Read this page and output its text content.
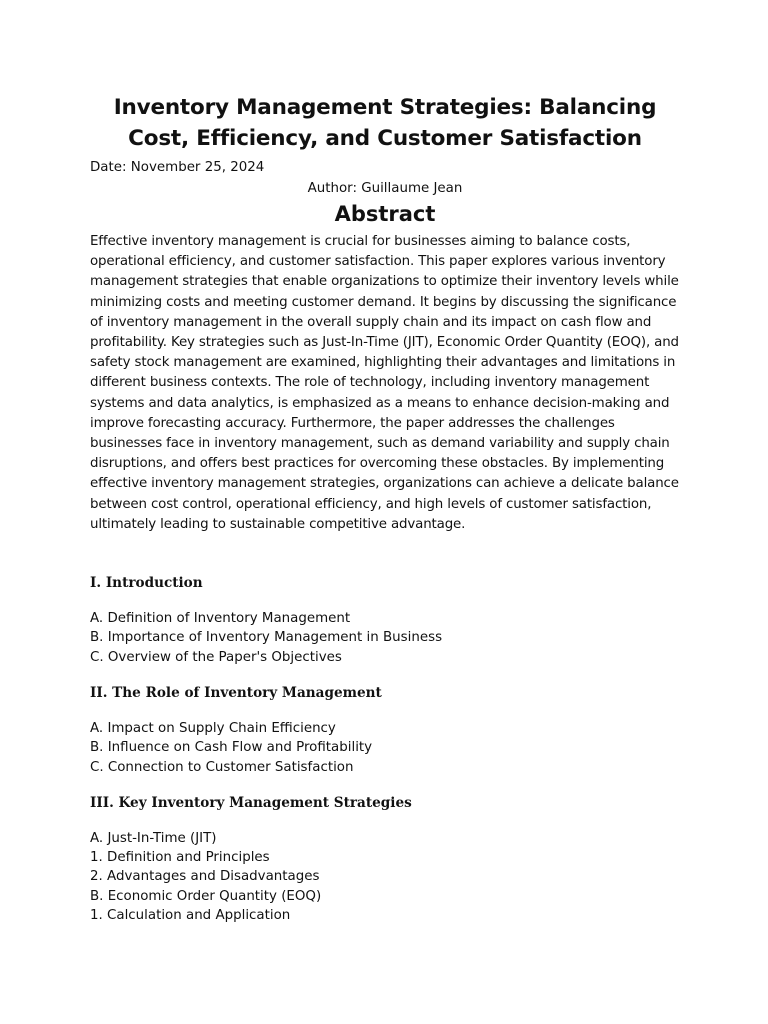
Inventory Management Strategies: Balancing Cost, Efficiency, and Customer Satisfaction
Date: November 25, 2024
Author: Guillaume Jean
Abstract

Effective inventory management is crucial for businesses aiming to balance costs, operational efficiency, and customer satisfaction. This paper explores various inventory management strategies that enable organizations to optimize their inventory levels while minimizing costs and meeting customer demand. It begins by discussing the significance of inventory management in the overall supply chain and its impact on cash flow and profitability. Key strategies such as Just-In-Time (JIT), Economic Order Quantity (EOQ), and safety stock management are examined, highlighting their advantages and limitations in different business contexts. The role of technology, including inventory management systems and data analytics, is emphasized as a means to enhance decision-making and improve forecasting accuracy. Furthermore, the paper addresses the challenges businesses face in inventory management, such as demand variability and supply chain disruptions, and offers best practices for overcoming these obstacles. By implementing effective inventory management strategies, organizations can achieve a delicate balance between cost control, operational efficiency, and high levels of customer satisfaction, ultimately leading to sustainable competitive advantage.

I. Introduction
A. Definition of Inventory Management
B. Importance of Inventory Management in Business
C. Overview of the Paper's Objectives
II. The Role of Inventory Management
A. Impact on Supply Chain Efficiency
B. Influence on Cash Flow and Profitability
C. Connection to Customer Satisfaction
III. Key Inventory Management Strategies
A. Just-In-Time (JIT)
1. Definition and Principles
2. Advantages and Disadvantages
B. Economic Order Quantity (EOQ)
1. Calculation and Application
